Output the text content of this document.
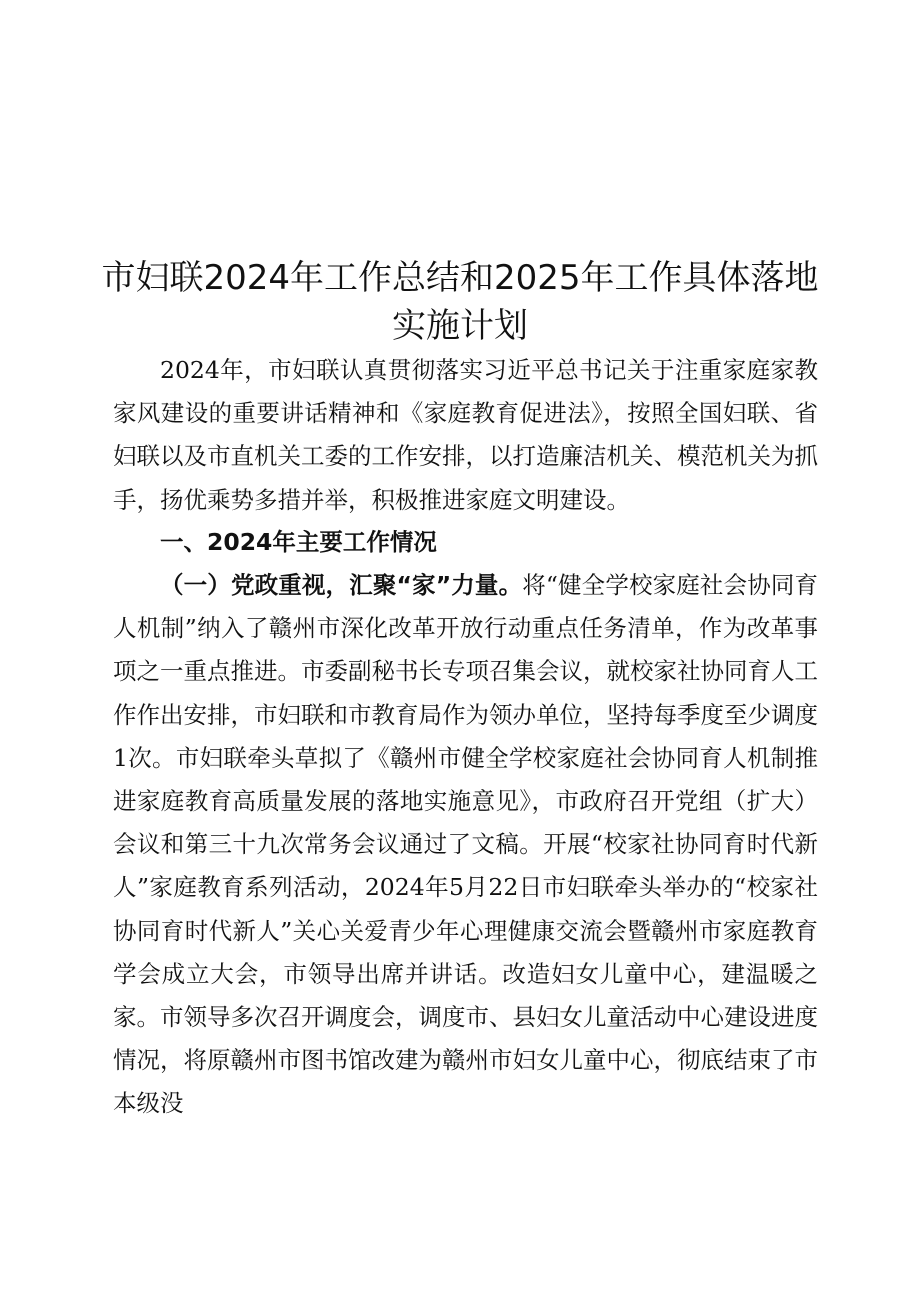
市妇联2024年工作总结和2025年工作具体落地
实施计划

2024年，市妇联认真贯彻落实习近平总书记关于注重家庭家教家风建设的重要讲话精神和《家庭教育促进法》，按照全国妇联、省妇联以及市直机关工委的工作安排，以打造廉洁机关、模范机关为抓手，扬优乘势多措并举，积极推进家庭文明建设。

一、2024年主要工作情况

（一）党政重视，汇聚“家”力量。将“健全学校家庭社会协同育人机制”纳入了赣州市深化改革开放行动重点任务清单，作为改革事项之一重点推进。市委副秘书长专项召集会议，就校家社协同育人工作作出安排，市妇联和市教育局作为领办单位，坚持每季度至少调度1次。市妇联牵头草拟了《赣州市健全学校家庭社会协同育人机制推进家庭教育高质量发展的落地实施意见》，市政府召开党组（扩大）会议和第三十九次常务会议通过了文稿。开展“校家社协同育时代新人”家庭教育系列活动，2024年5月22日市妇联牵头举办的“校家社协同育时代新人”关心关爱青少年心理健康交流会暨赣州市家庭教育学会成立大会，市领导出席并讲话。改造妇女儿童中心，建温暖之家。市领导多次召开调度会，调度市、县妇女儿童活动中心建设进度情况，将原赣州市图书馆改建为赣州市妇女儿童中心，彻底结束了市本级没
